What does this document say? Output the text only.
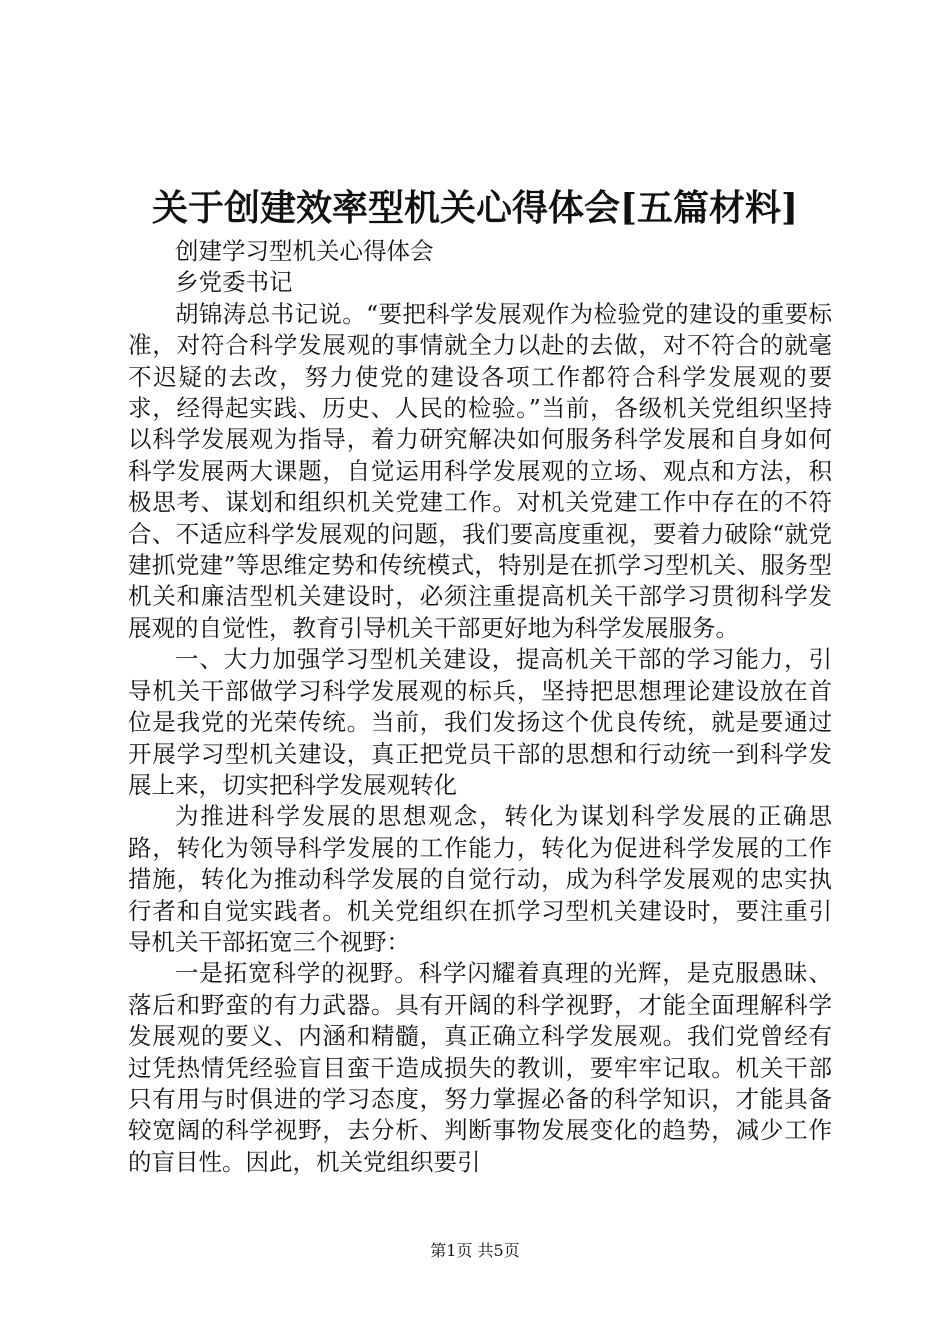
关于创建效率型机关心得体会[五篇材料]

创建学习型机关心得体会

乡党委书记

胡锦涛总书记说。“要把科学发展观作为检验党的建设的重要标准，对符合科学发展观的事情就全力以赴的去做，对不符合的就毫不迟疑的去改，努力使党的建设各项工作都符合科学发展观的要求，经得起实践、历史、人民的检验。”当前，各级机关党组织坚持以科学发展观为指导，着力研究解决如何服务科学发展和自身如何科学发展两大课题，自觉运用科学发展观的立场、观点和方法，积极思考、谋划和组织机关党建工作。对机关党建工作中存在的不符合、不适应科学发展观的问题，我们要高度重视，要着力破除“就党建抓党建”等思维定势和传统模式，特别是在抓学习型机关、服务型机关和廉洁型机关建设时，必须注重提高机关干部学习贯彻科学发展观的自觉性，教育引导机关干部更好地为科学发展服务。

一、大力加强学习型机关建设，提高机关干部的学习能力，引导机关干部做学习科学发展观的标兵，坚持把思想理论建设放在首位是我党的光荣传统。当前，我们发扬这个优良传统，就是要通过开展学习型机关建设，真正把党员干部的思想和行动统一到科学发展上来，切实把科学发展观转化

为推进科学发展的思想观念，转化为谋划科学发展的正确思路，转化为领导科学发展的工作能力，转化为促进科学发展的工作措施，转化为推动科学发展的自觉行动，成为科学发展观的忠实执行者和自觉实践者。机关党组织在抓学习型机关建设时，要注重引导机关干部拓宽三个视野：

一是拓宽科学的视野。科学闪耀着真理的光辉，是克服愚昧、落后和野蛮的有力武器。具有开阔的科学视野，才能全面理解科学发展观的要义、内涵和精髓，真正确立科学发展观。我们党曾经有过凭热情凭经验盲目蛮干造成损失的教训，要牢牢记取。机关干部只有用与时俱进的学习态度，努力掌握必备的科学知识，才能具备较宽阔的科学视野，去分析、判断事物发展变化的趋势，减少工作的盲目性。因此，机关党组织要引

第1页 共5页
